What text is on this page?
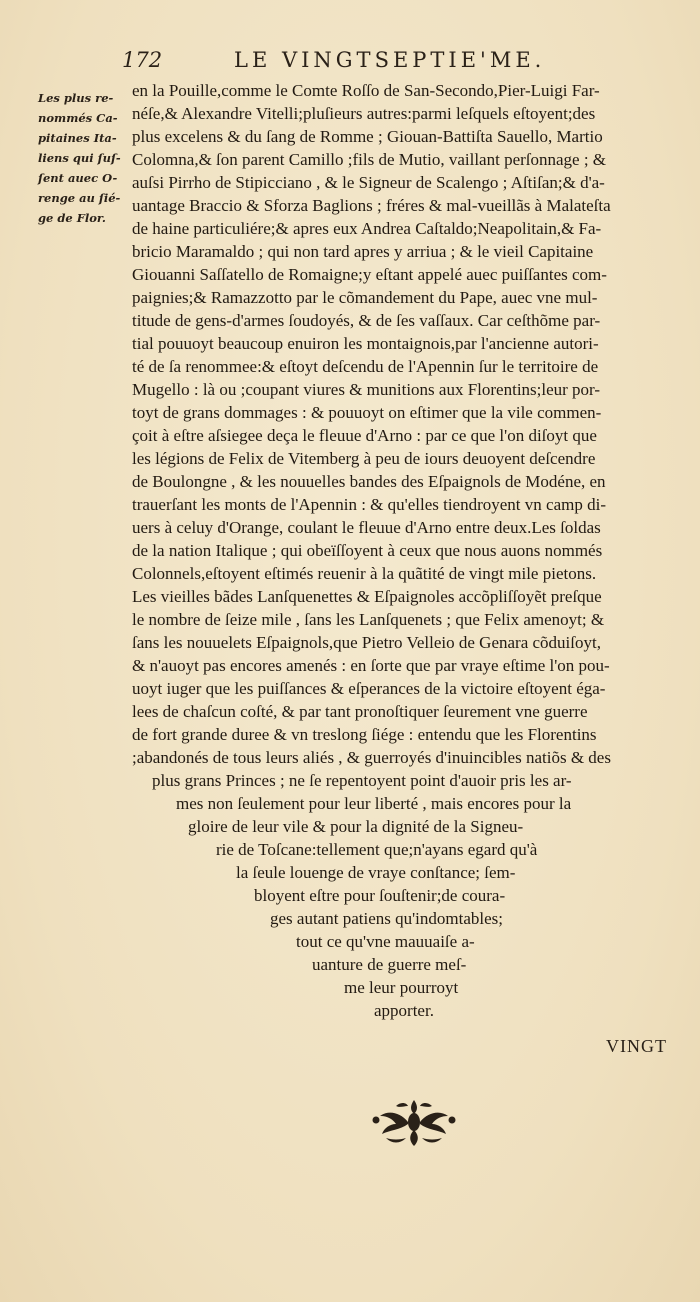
172	LE VINGTSEPTIE'ME.
Les plus re-
nommés Ca-
pitaines Ita-
liens qui ſuſ-
ſent auec O-
renge au ſié-
ge de Flor.
en la Pouille,comme le Comte Roſſo de San-Secondo,Pier-Luigi Far-
néſe,& Alexandre Vitelli;pluſieurs autres:parmi leſquels eſtoyent;des
plus excelens & du ſang de Romme ; Giouan-Battiſta Sauello, Martio
Colomna,& ſon parent Camillo ;fils de Mutio, vaillant perſonnage ; &
auſsi Pirrho de Stipicciano , & le Signeur de Scalengo ; Aſtiſan;& d'a-
uantage Braccio & Sforza Baglions ; fréres & mal-vueillãs à Malateſta
de haine particuliére;& apres eux Andrea Caſtaldo;Neapolitain,& Fa-
bricio Maramaldo ; qui non tard apres y arriua ; & le vieil Capitaine
Giouanni Saſſatello de Romaigne;y eſtant appelé auec puiſſantes com-
paignies;& Ramazzotto par le cõmandement du Pape, auec vne mul-
titude de gens-d'armes ſoudoyés, & de ſes vaſſaux. Car ceſthõme par-
tial pouuoyt beaucoup enuiron les montaignois,par l'ancienne autori-
té de ſa renommee:& eſtoyt deſcendu de l'Apennin ſur le territoire de
Mugello : là ou ;coupant viures & munitions aux Florentins;leur por-
toyt de grans dommages : & pouuoyt on eſtimer que la vile commen-
çoit à eſtre aſsiegee deça le fleuue d'Arno : par ce que l'on diſoyt que
les légions de Felix de Vitemberg à peu de iours deuoyent deſcendre
de Boulongne , & les nouuelles bandes des Eſpaignols de Modéne, en
trauerſant les monts de l'Apennin : & qu'elles tiendroyent vn camp di-
uers à celuy d'Orange, coulant le fleuue d'Arno entre deux.Les ſoldas
de la nation Italique ; qui obeïſſoyent à ceux que nous auons nommés
Colonnels,eſtoyent eſtimés reuenir à la quãtité de vingt mile pietons.
Les vieilles bãdes Lanſquenettes & Eſpaignoles accõpliſſoyẽt preſque
le nombre de ſeize mile , ſans les Lanſquenets ; que Felix amenoyt; &
ſans les nouuelets Eſpaignols,que Pietro Velleio de Genara cõduiſoyt,
& n'auoyt pas encores amenés : en ſorte que par vraye eſtime l'on pou-
uoyt iuger que les puiſſances & eſperances de la victoire eſtoyent éga-
lees de chaſcun coſté, & par tant pronoſtiquer ſeurement vne guerre
de fort grande duree & vn treslong ſiége : entendu que les Florentins
;abandonés de tous leurs aliés , & guerroyés d'inuincibles natiõs & des
plus grans Princes ; ne ſe repentoyent point d'auoir pris les ar-
mes non ſeulement pour leur liberté , mais encores pour la
gloire de leur vile & pour la dignité de la Signeu-
rie de Toſcane:tellement que;n'ayans egard qu'à
la ſeule louenge de vraye conſtance; ſem-
bloyent eſtre pour ſouſtenir;de coura-
ges autant patiens qu'indomtables;
tout ce qu'vne mauuaiſe a-
uanture de guerre meſ-
me leur pourroyt
apporter.
VINGT
